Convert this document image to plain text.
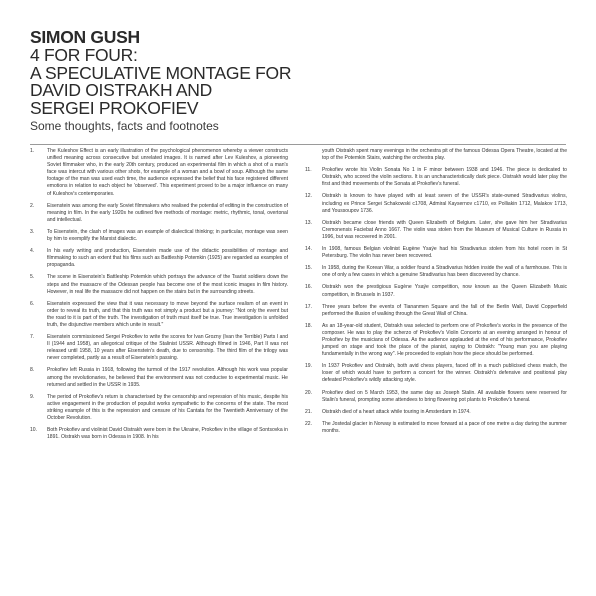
SIMON GUSH
4 FOR FOUR:
A SPECULATIVE MONTAGE FOR
DAVID OISTRAKH AND
SERGEI PROKOFIEV
Some thoughts, facts and footnotes
1.	The Kuleshov Effect is an early illustration of the psychological phenomenon whereby a viewer constructs unified meaning across consecutive but unrelated images. It is named after Lev Kuleshov, a pioneering Soviet filmmaker who, in the early 20th century, produced an experimental film in which a shot of a man's face was intercut with various other shots, for example of a woman and a bowl of soup. Although the same footage of the man was used each time, the audience expressed the belief that his face registered different emotions in relation to each object he 'observed'. This experiment proved to be a major influence on many of Kuleshov's contemporaries.
2.	Eisenstein was among the early Soviet filmmakers who realised the potential of editing in the construction of meaning in film. In the early 1920s he outlined five methods of montage: metric, rhythmic, tonal, overtonal and intellectual.
3.	To Eisenstein, the clash of images was an example of dialectical thinking; in particular, montage was seen by him to exemplify the Marxist dialectic.
4.	In his early writing and production, Eisenstein made use of the didactic possibilities of montage and filmmaking to such an extent that his films such as Battleship Potemkin (1925) are regarded as examples of propaganda.
5.	The scene in Eisenstein's Battleship Potemkin which portrays the advance of the Tsarist soldiers down the steps and the massacre of the Odessan people has become one of the most iconic images in film history. However, in real life the massacre did not happen on the stairs but in the surrounding streets.
6.	Eisenstein expressed the view that it was necessary to move beyond the surface realism of an event in order to reveal its truth, and that this truth was not simply a product but a journey: "Not only the event but the road to it is part of the truth. The investigation of truth must itself be true. True investigation is unfolded truth, the disjunctive members which unite in result."
7.	Eisenstein commissioned Sergei Prokofiev to write the scores for Ivan Grozny (Ivan the Terrible) Parts I and II (1944 and 1958), an allegorical critique of the Stalinist USSR. Although filmed in 1946, Part II was not released until 1958, 10 years after Eisenstein's death, due to censorship. The third film of the trilogy was never completed, partly as a result of Eisenstein's passing.
8.	Prokofiev left Russia in 1918, following the turmoil of the 1917 revolution. Although his work was popular among the revolutionaries, he believed that the environment was not conducive to experimental music. He returned and settled in the USSR in 1935.
9.	The period of Prokofiev's return is characterised by the censorship and repression of his music, despite his active engagement in the production of populist works sympathetic to the concerns of the state. The most striking example of this is the repression and censure of his Cantata for the Twentieth Anniversary of the October Revolution.
10. Both Prokofiev and violinist David Oistrakh were born in the Ukraine, Prokofiev in the village of Sontsovka in 1891. Oistrakh was born in Odessa in 1908. In his
youth Oistrakh spent many evenings in the orchestra pit of the famous Odessa Opera Theatre, located at the top of the Potemkin Stairs, watching the orchestra play.
11. Prokofiev wrote his Violin Sonata No 1 in F minor between 1938 and 1946. The piece is dedicated to Oistrakh, who scored the violin sections. It is an uncharacteristically dark piece. Oistrakh would later play the first and third movements of the Sonata at Prokofiev's funeral.
12. Oistrakh is known to have played with at least seven of the USSR's state-owned Stradivarius violins, including ex Prince Sergei Schakowski c1708, Admiral Kaysernov c1710, ex Polliakin 1712, Malakov 1713, and Youssoupov 1736.
13. Oistrakh became close friends with Queen Elizabeth of Belgium. Later, she gave him her Stradivarius Cremonensis Faciebat Anno 1667. The violin was stolen from the Museum of Musical Culture in Russia in 1996, but was recovered in 2001.
14. In 1908, famous Belgian violinist Eugène Ysaÿe had his Stradivarius stolen from his hotel room in St Petersburg. The violin has never been recovered.
15. In 1958, during the Korean War, a soldier found a Stradivarius hidden inside the wall of a farmhouse. This is one of only a few cases in which a genuine Stradivarius has been discovered by chance.
16. Oistrakh won the prestigious Eugène Ysaÿe competition, now known as the Queen Elizabeth Music competition, in Brussels in 1937.
17. Three years before the events of Tiananmen Square and the fall of the Berlin Wall, David Copperfield performed the illusion of walking through the Great Wall of China.
18. As an 18-year-old student, Oistrakh was selected to perform one of Prokofiev's works in the presence of the composer. He was to play the scherzo of Prokofiev's Violin Concerto at an evening arranged in honour of Prokofiev by the musicians of Odessa. As the audience applauded at the end of his performance, Prokofiev jumped on stage and took the place of the pianist, saying to Oistrakh: "Young man you are playing fundamentally in the wrong way". He proceeded to explain how the piece should be performed.
19. In 1937 Prokofiev and Oistrakh, both avid chess players, faced off in a much publicised chess match, the loser of which would have to perform a concert for the winner. Oistrakh's defensive and positional play defeated Prokofiev's wildly attacking style.
20. Prokofiev died on 5 March 1953, the same day as Joseph Stalin. All available flowers were reserved for Stalin's funeral, prompting some attendees to bring flowering pot plants to Prokofiev's funeral.
21. Oistrakh died of a heart attack while touring in Amsterdam in 1974.
22. The Jostedal glacier in Norway is estimated to move forward at a pace of one metre a day during the summer months.
